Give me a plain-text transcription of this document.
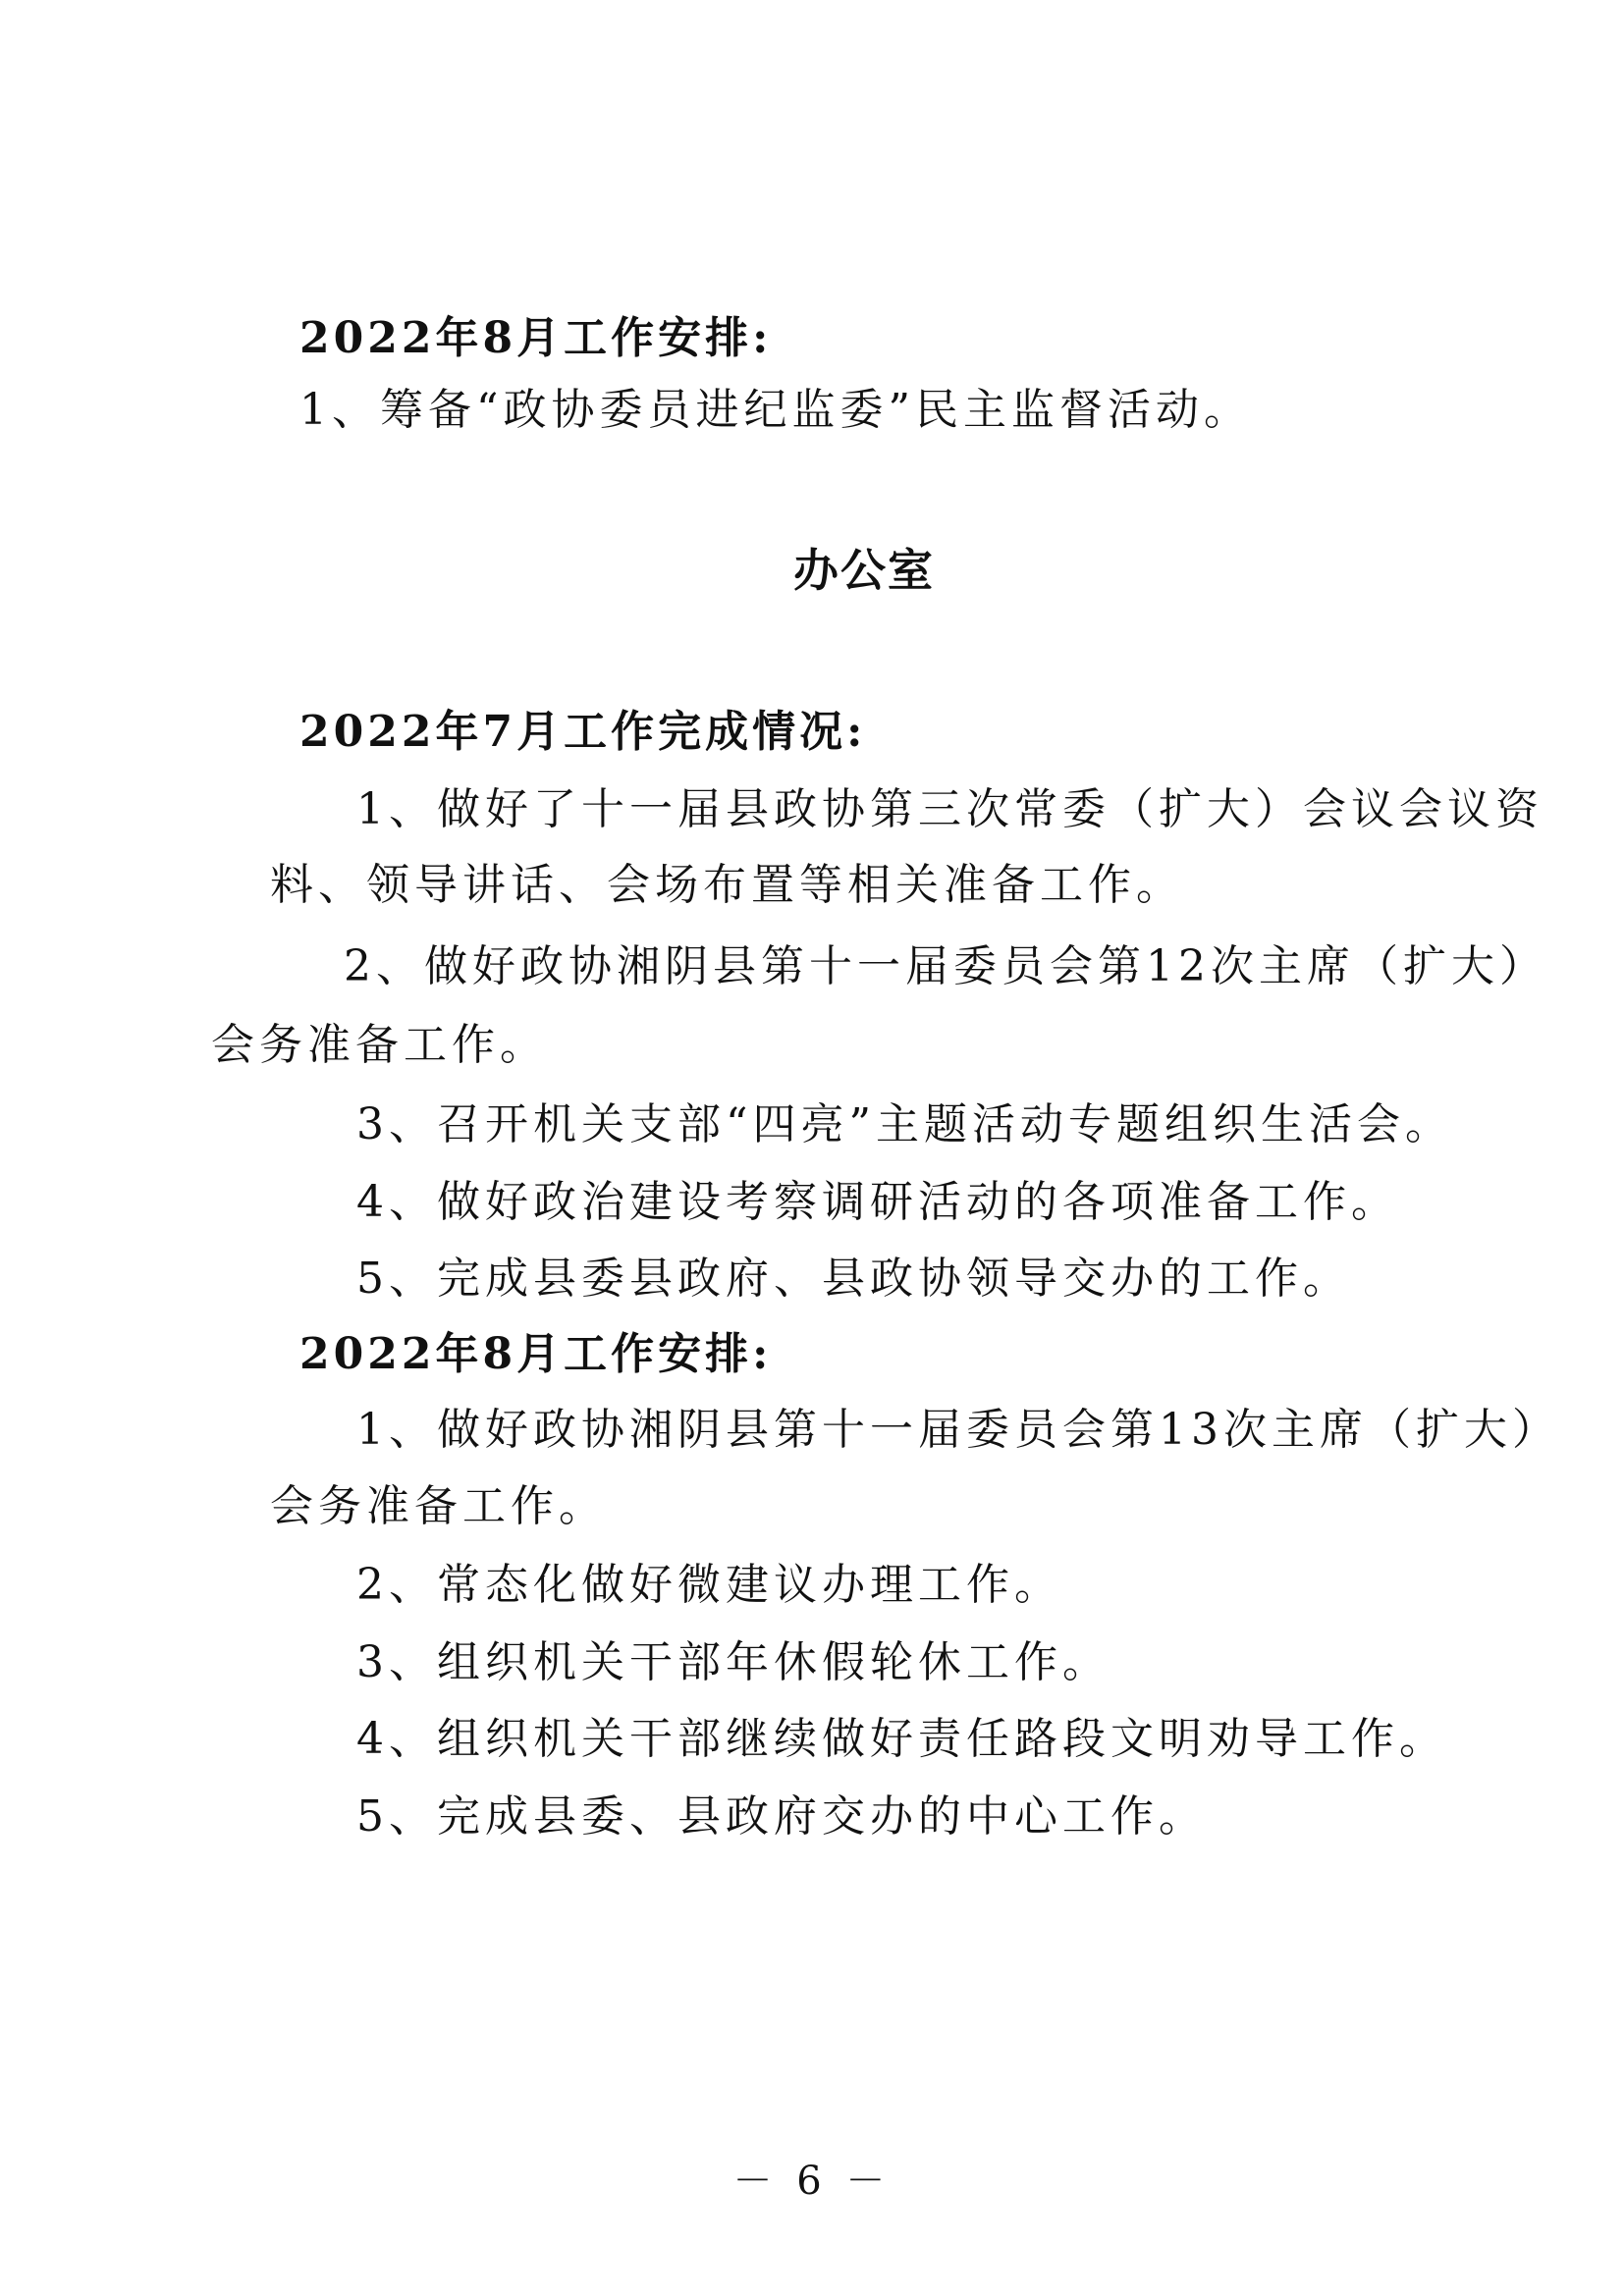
2022年8月工作安排:
1、筹备“政协委员进纪监委”民主监督活动。
办公室
2022年7月工作完成情况:
1、做好了十一届县政协第三次常委（扩大）会议会议资
料、领导讲话、会场布置等相关准备工作。
2、做好政协湘阴县第十一届委员会第12次主席（扩大）
会务准备工作。
3、召开机关支部“四亮”主题活动专题组织生活会。
4、做好政治建设考察调研活动的各项准备工作。
5、完成县委县政府、县政协领导交办的工作。
2022年8月工作安排:
1、做好政协湘阴县第十一届委员会第13次主席（扩大）
会务准备工作。
2、常态化做好微建议办理工作。
3、组织机关干部年休假轮休工作。
4、组织机关干部继续做好责任路段文明劝导工作。
5、完成县委、县政府交办的中心工作。
－ 6 －
